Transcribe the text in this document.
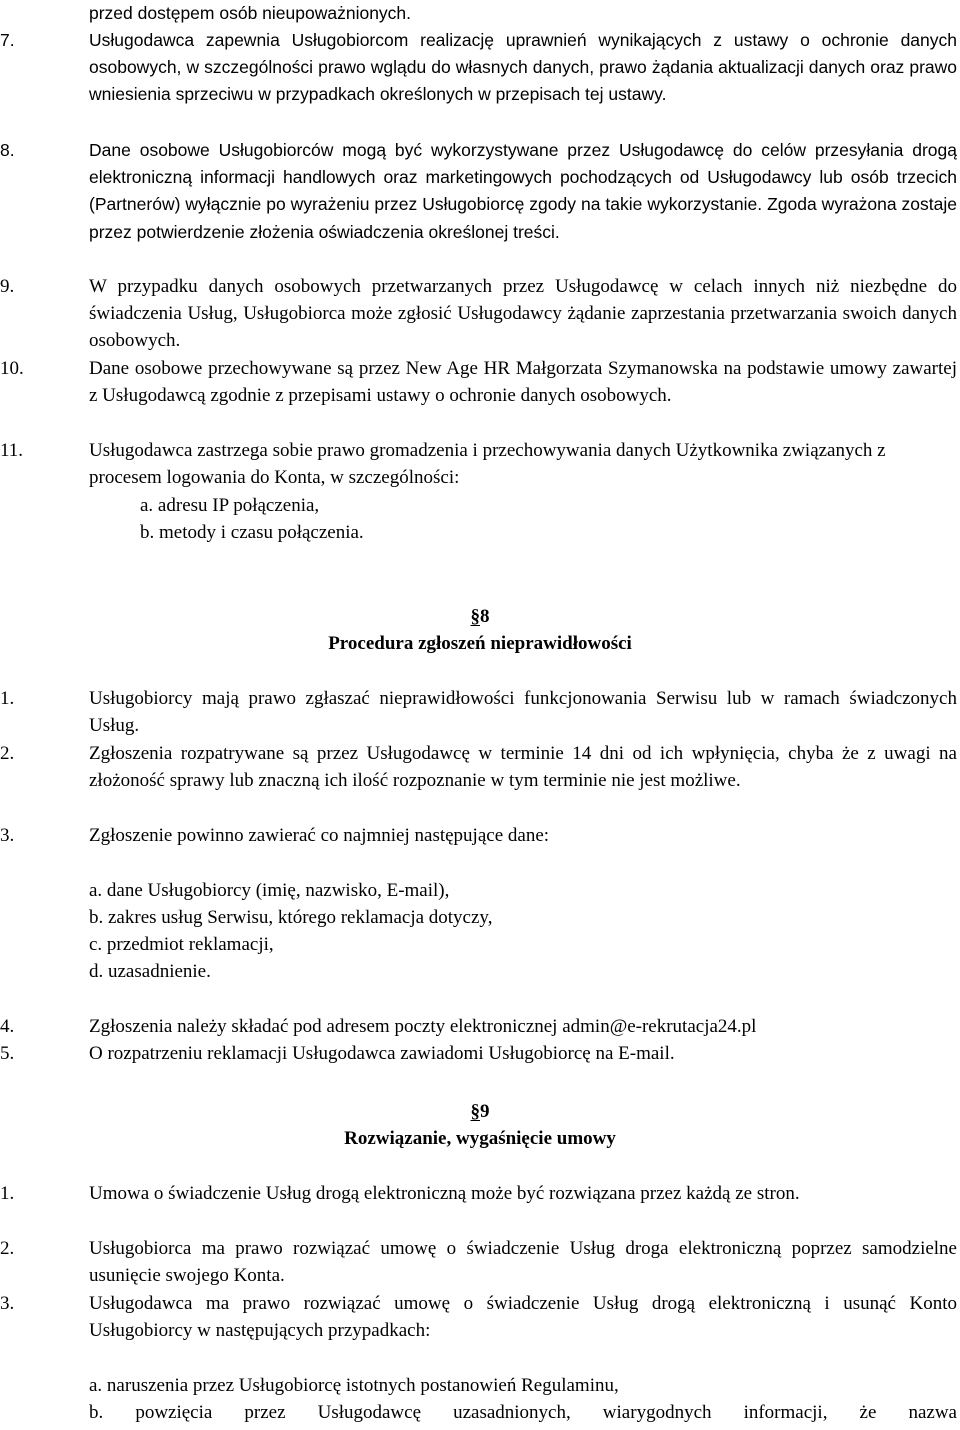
przed dostępem osób nieupoważnionych.
7.	Usługodawca zapewnia Usługobiorcom realizację uprawnień wynikających z ustawy o ochronie danych osobowych, w szczególności prawo wglądu do własnych danych, prawo żądania aktualizacji danych oraz prawo wniesienia sprzeciwu w przypadkach określonych w przepisach tej ustawy.
8.	Dane osobowe Usługobiorców mogą być wykorzystywane przez Usługodawcę do celów przesyłania drogą elektroniczną informacji handlowych oraz marketingowych pochodzących od Usługodawcy lub osób trzecich (Partnerów) wyłącznie po wyrażeniu przez Usługobiorcę zgody na takie wykorzystanie. Zgoda wyrażona zostaje przez potwierdzenie złożenia oświadczenia określonej treści.
9.	W przypadku danych osobowych przetwarzanych przez Usługodawcę w celach innych niż niezbędne do świadczenia Usług, Usługobiorca może zgłosić Usługodawcy żądanie zaprzestania przetwarzania swoich danych osobowych.
10.	Dane osobowe przechowywane są przez New Age HR Małgorzata Szymanowska na podstawie umowy zawartej z Usługodawcą zgodnie z przepisami ustawy o ochronie danych osobowych.
11.	Usługodawca zastrzega sobie prawo gromadzenia i przechowywania danych Użytkownika związanych z procesem logowania do Konta, w szczególności:
a. adresu IP połączenia,
b. metody i czasu połączenia.
§8
Procedura zgłoszeń nieprawidłowości
1.	Usługobiorcy mają prawo zgłaszać nieprawidłowości funkcjonowania Serwisu lub w ramach świadczonych Usług.
2.	Zgłoszenia rozpatrywane są przez Usługodawcę w terminie 14 dni od ich wpłynięcia, chyba że z uwagi na złożoność sprawy lub znaczną ich ilość rozpoznanie w tym terminie nie jest możliwe.
3.	Zgłoszenie powinno zawierać co najmniej następujące dane:
a. dane Usługobiorcy (imię, nazwisko, E-mail),
b. zakres usług Serwisu, którego reklamacja dotyczy,
c. przedmiot reklamacji,
d. uzasadnienie.
4.	Zgłoszenia należy składać pod adresem poczty elektronicznej admin@e-rekrutacja24.pl
5.	O rozpatrzeniu reklamacji Usługodawca zawiadomi Usługobiorcę na E-mail.
§9
Rozwiązanie, wygaśnięcie umowy
1.	Umowa o świadczenie Usług drogą elektroniczną może być rozwiązana przez każdą ze stron.
2.	Usługobiorca ma prawo rozwiązać umowę o świadczenie Usług droga elektroniczną poprzez samodzielne usunięcie swojego Konta.
3.	Usługodawca ma prawo rozwiązać umowę o świadczenie Usług drogą elektroniczną i usunąć Konto Usługobiorcy w następujących przypadkach:
a. naruszenia przez Usługobiorcę istotnych postanowień Regulaminu,
b. powzięcia przez Usługodawcę uzasadnionych, wiarygodnych informacji, że nazwa
